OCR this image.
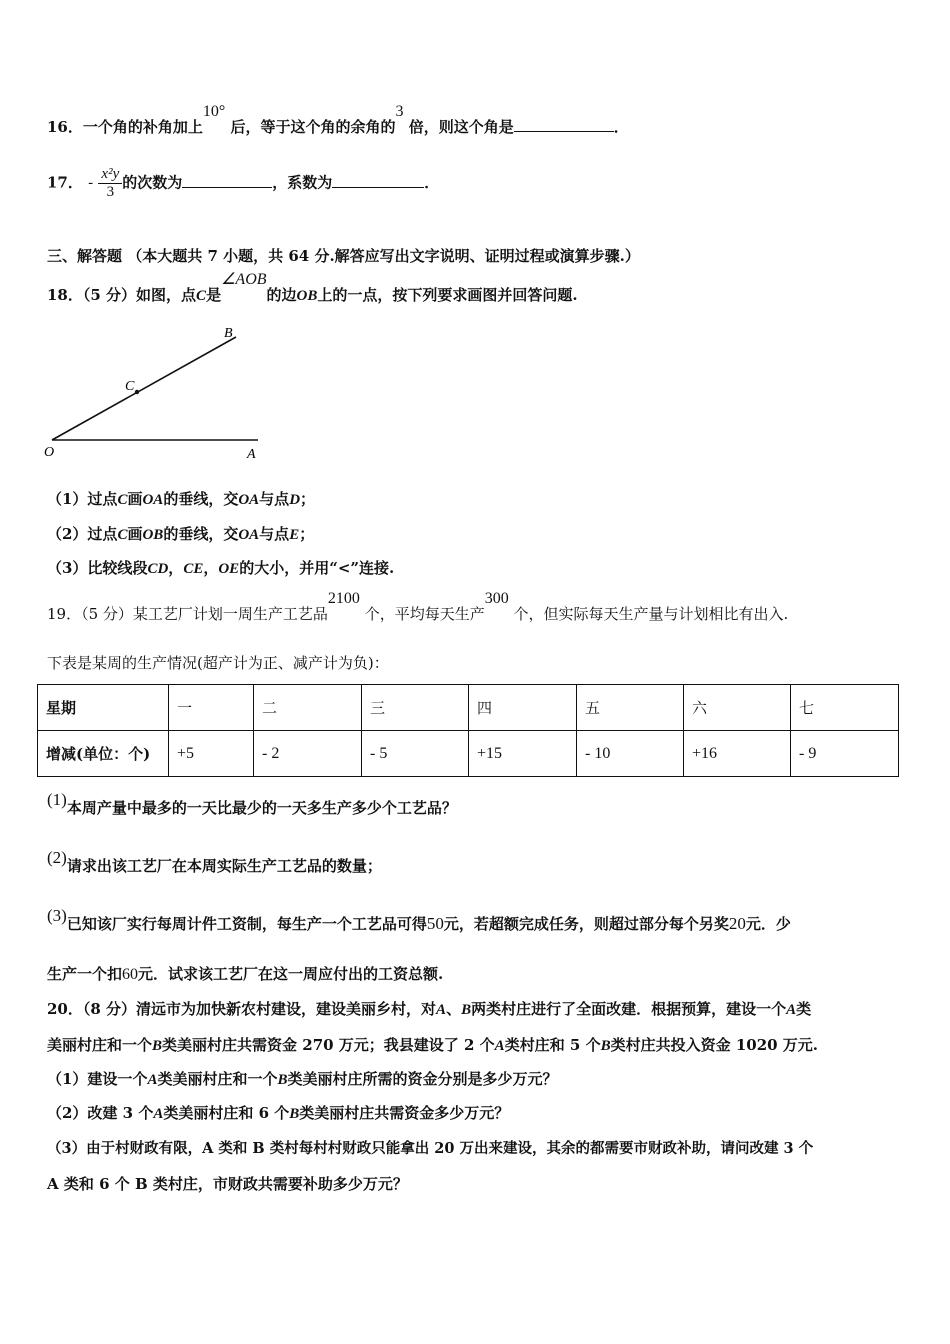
16．一个角的补角加上10° 后，等于这个角的余角的3 倍，则这个角是	．
17． - $\frac{\text{x²y}}{3}$ 的次数为	，系数为	．
三、解答题 （本大题共 7 小题，共 64 分.解答应写出文字说明、证明过程或演算步骤.）
18．（5 分）如图，点C是∠AOB的边OB上的一点，按下列要求画图并回答问题.
B
C
O	A
（1）过点C画OA的垂线，交OA与点D；
（2）过点C画OB的垂线，交OA与点E；
（3）比较线段CD，CE，OE的大小，并用“<”连接.
19．（5 分）某工艺厂计划一周生产工艺品2100 个，平均每天生产300 个，但实际每天生产量与计划相比有出入.
下表是某周的生产情况(超产计为正、减产计为负)：
星期	一	二	三	四	五	六	七
增减(单位：个)	+5	- 2	- 5	+15	- 10	+16	- 9
(1)本周产量中最多的一天比最少的一天多生产多少个工艺品？
(2)请求出该工艺厂在本周实际生产工艺品的数量；
(3)已知该厂实行每周计件工资制，每生产一个工艺品可得50元，若超额完成任务，则超过部分每个另奖20元．少
生产一个扣60元．试求该工艺厂在这一周应付出的工资总额.
20．（8 分）清远市为加快新农村建设，建设美丽乡村，对A、B两类村庄进行了全面改建．根据预算，建设一个A类
美丽村庄和一个B类美丽村庄共需资金 270 万元；我县建设了 2 个A类村庄和 5 个B类村庄共投入资金 1020 万元.
（1）建设一个A类美丽村庄和一个B类美丽村庄所需的资金分别是多少万元？
（2）改建 3 个A类美丽村庄和 6 个B类美丽村庄共需资金多少万元？
（3）由于村财政有限，A 类和 B 类村每村村财政只能拿出 20 万出来建设，其余的都需要市财政补助，请问改建 3 个
A 类和 6 个 B 类村庄，市财政共需要补助多少万元？
